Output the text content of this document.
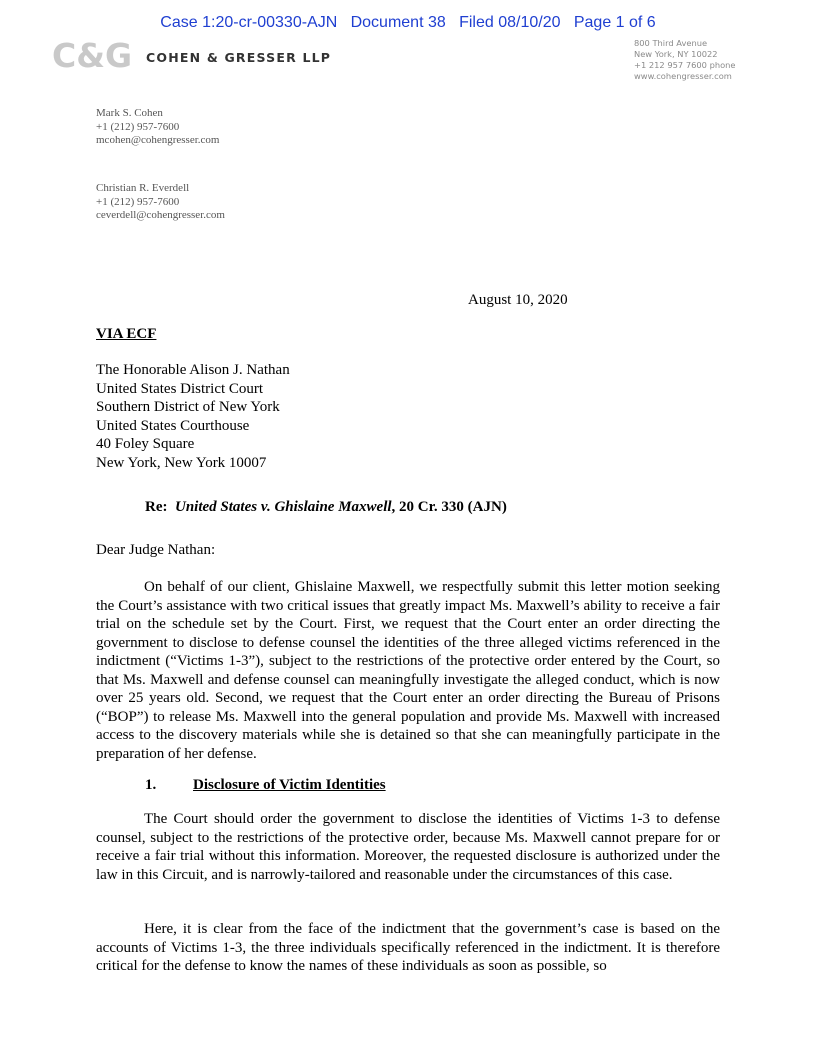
Case 1:20-cr-00330-AJN   Document 38   Filed 08/10/20   Page 1 of 6
C&G COHEN & GRESSER LLP
800 Third Avenue
New York, NY 10022
+1 212 957 7600 phone
www.cohengresser.com
Mark S. Cohen
+1 (212) 957-7600
mcohen@cohengresser.com
Christian R. Everdell
+1 (212) 957-7600
ceverdell@cohengresser.com
August 10, 2020
VIA ECF
The Honorable Alison J. Nathan
United States District Court
Southern District of New York
United States Courthouse
40 Foley Square
New York, New York 10007
Re: United States v. Ghislaine Maxwell, 20 Cr. 330 (AJN)
Dear Judge Nathan:

On behalf of our client, Ghislaine Maxwell, we respectfully submit this letter motion seeking the Court’s assistance with two critical issues that greatly impact Ms. Maxwell’s ability to receive a fair trial on the schedule set by the Court. First, we request that the Court enter an order directing the government to disclose to defense counsel the identities of the three alleged victims referenced in the indictment (“Victims 1-3”), subject to the restrictions of the protective order entered by the Court, so that Ms. Maxwell and defense counsel can meaningfully investigate the alleged conduct, which is now over 25 years old. Second, we request that the Court enter an order directing the Bureau of Prisons (“BOP”) to release Ms. Maxwell into the general population and provide Ms. Maxwell with increased access to the discovery materials while she is detained so that she can meaningfully participate in the preparation of her defense.

1. Disclosure of Victim Identities

The Court should order the government to disclose the identities of Victims 1-3 to defense counsel, subject to the restrictions of the protective order, because Ms. Maxwell cannot prepare for or receive a fair trial without this information. Moreover, the requested disclosure is authorized under the law in this Circuit, and is narrowly-tailored and reasonable under the circumstances of this case.

Here, it is clear from the face of the indictment that the government’s case is based on the accounts of Victims 1-3, the three individuals specifically referenced in the indictment. It is therefore critical for the defense to know the names of these individuals as soon as possible, so
